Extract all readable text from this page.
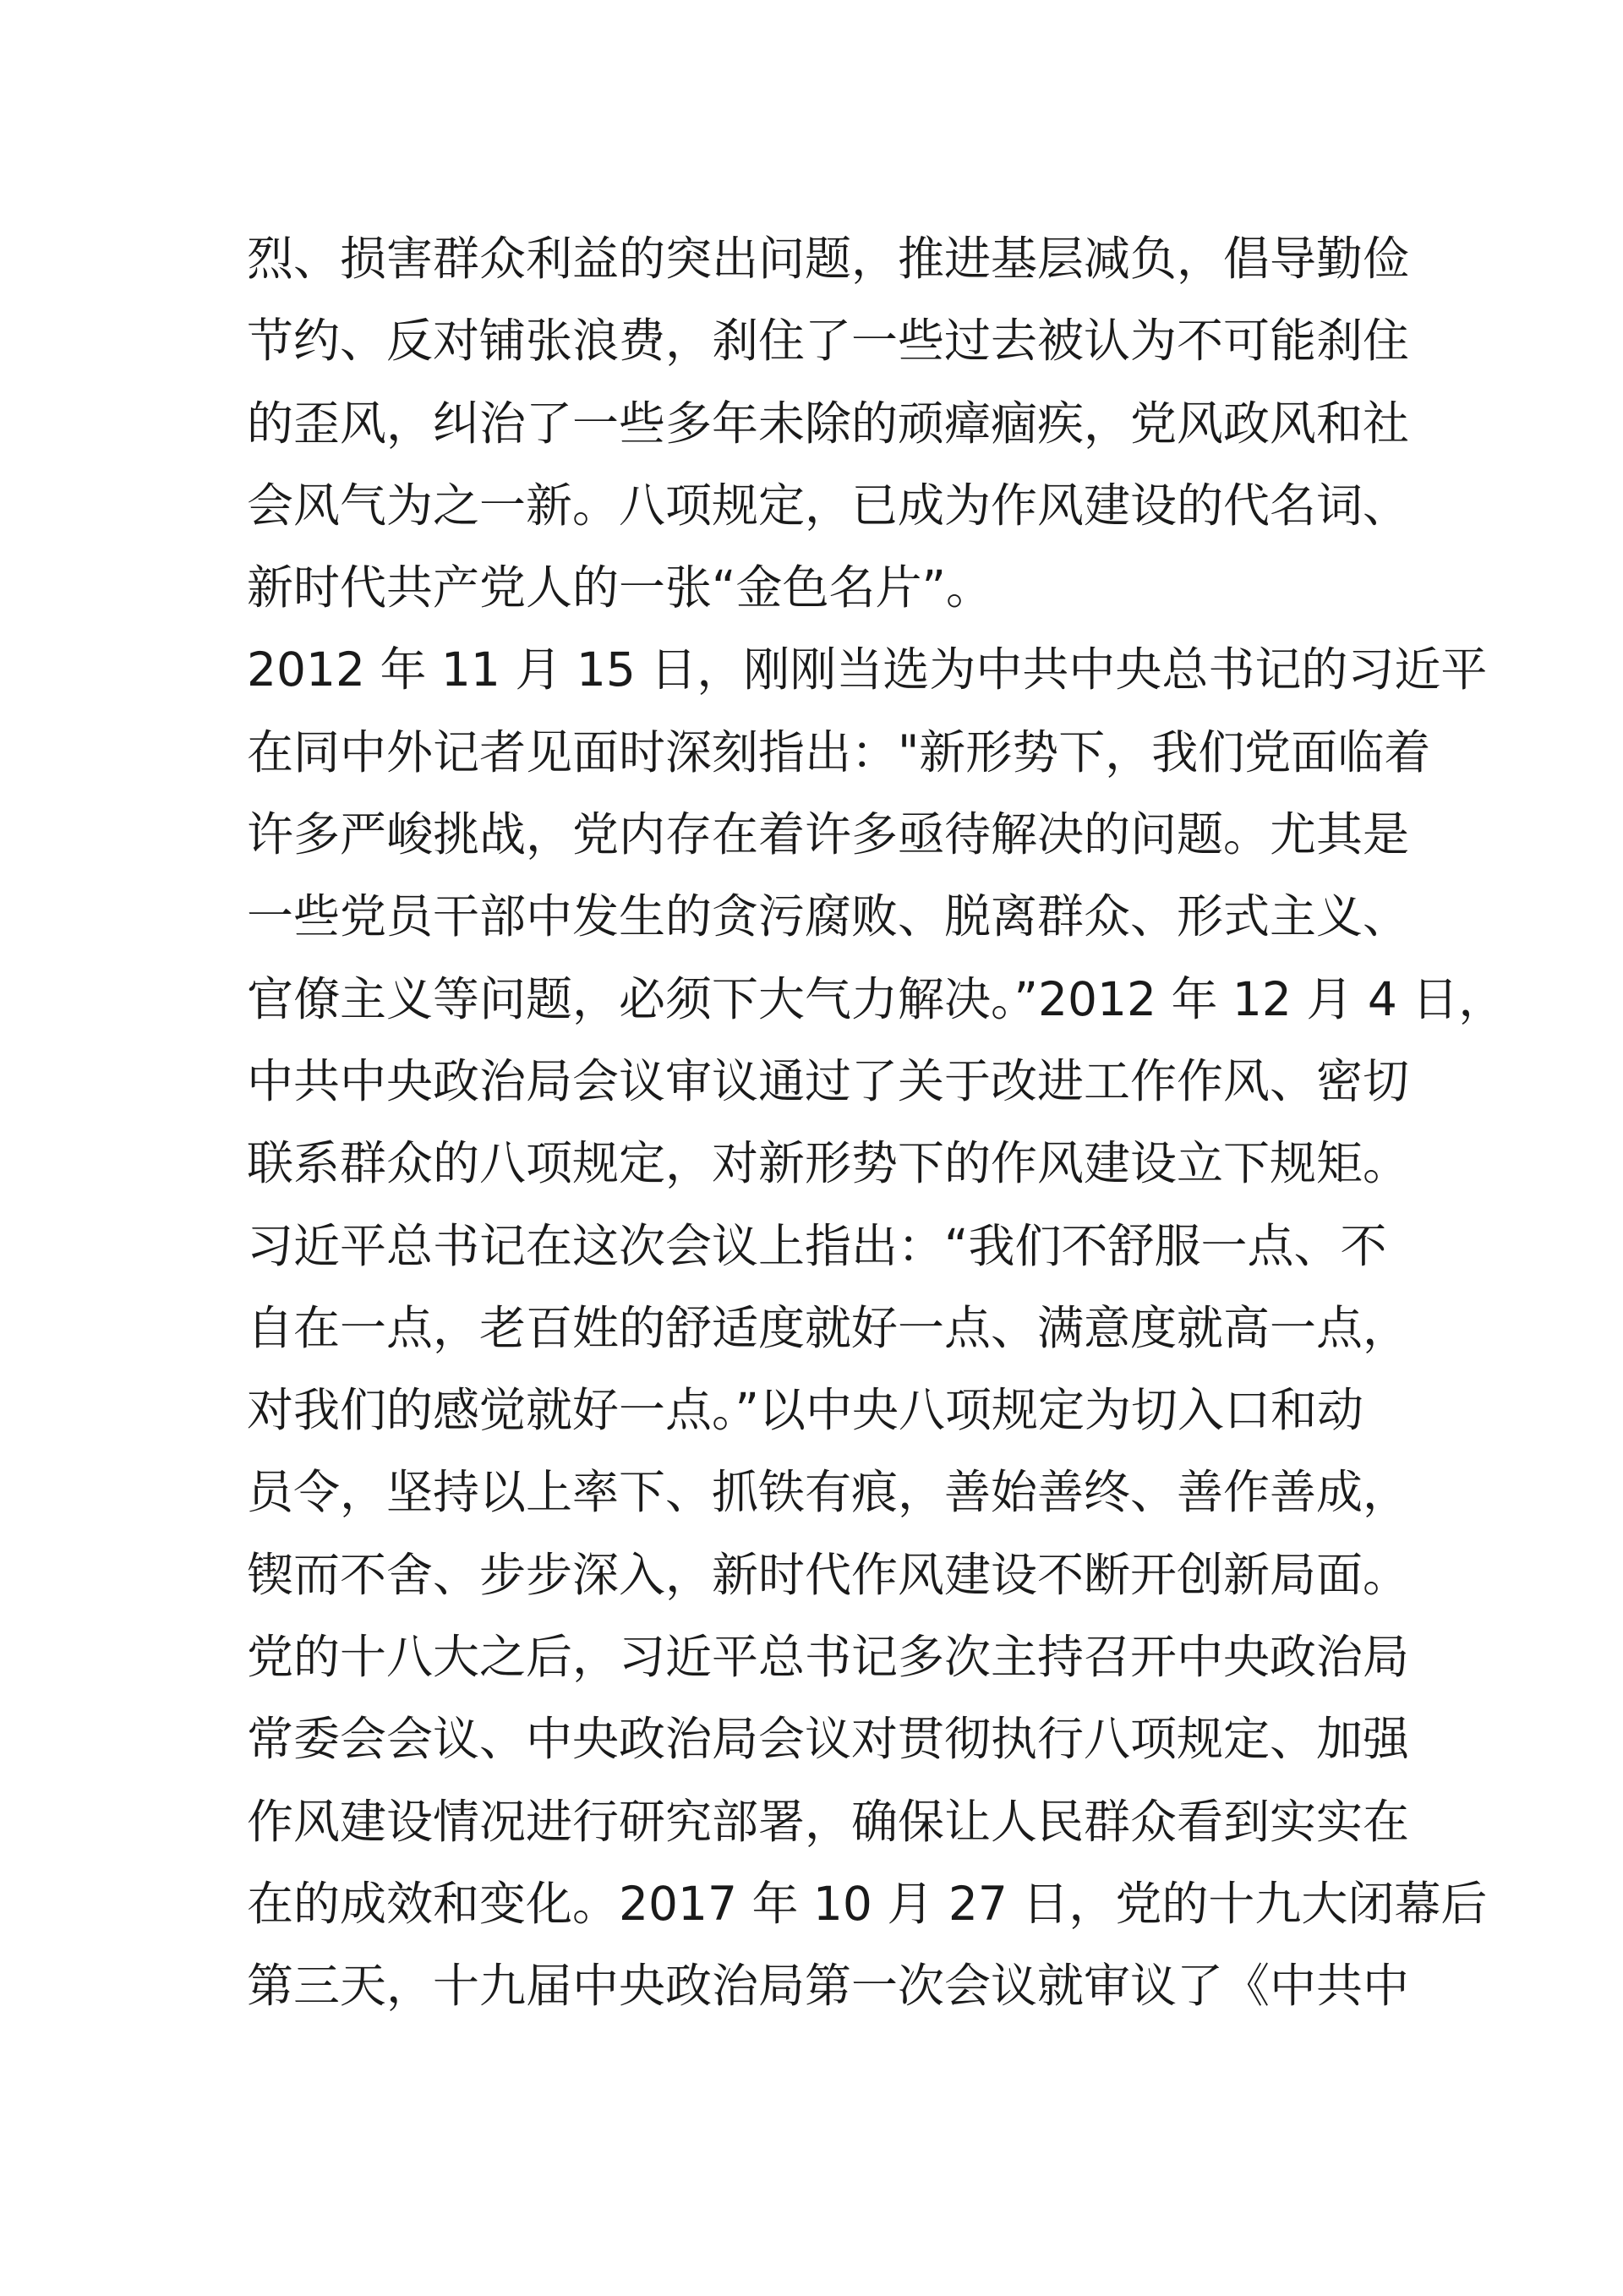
烈、损害群众利益的突出问题，推进基层减负，倡导勤俭
节约、反对铺张浪费，刹住了一些过去被认为不可能刹住
的歪风，纠治了一些多年未除的顽瘴痼疾，党风政风和社
会风气为之一新。八项规定，已成为作风建设的代名词、
新时代共产党人的一张“金色名片”。
2012 年 11 月 15 日，刚刚当选为中共中央总书记的习近平
在同中外记者见面时深刻指出："新形势下，我们党面临着
许多严峻挑战，党内存在着许多亟待解决的问题。尤其是
一些党员干部中发生的贪污腐败、脱离群众、形式主义、
官僚主义等问题，必须下大气力解决。”2012 年 12 月 4 日，
中共中央政治局会议审议通过了关于改进工作作风、密切
联系群众的八项规定，对新形势下的作风建设立下规矩。
习近平总书记在这次会议上指出：“我们不舒服一点、不
自在一点，老百姓的舒适度就好一点、满意度就高一点，
对我们的感觉就好一点。”以中央八项规定为切入口和动
员令，坚持以上率下、抓铁有痕，善始善终、善作善成，
锲而不舍、步步深入，新时代作风建设不断开创新局面。
党的十八大之后，习近平总书记多次主持召开中央政治局
常委会会议、中央政治局会议对贯彻执行八项规定、加强
作风建设情况进行研究部署，确保让人民群众看到实实在
在的成效和变化。2017 年 10 月 27 日，党的十九大闭幕后
第三天，十九届中央政治局第一次会议就审议了《中共中
